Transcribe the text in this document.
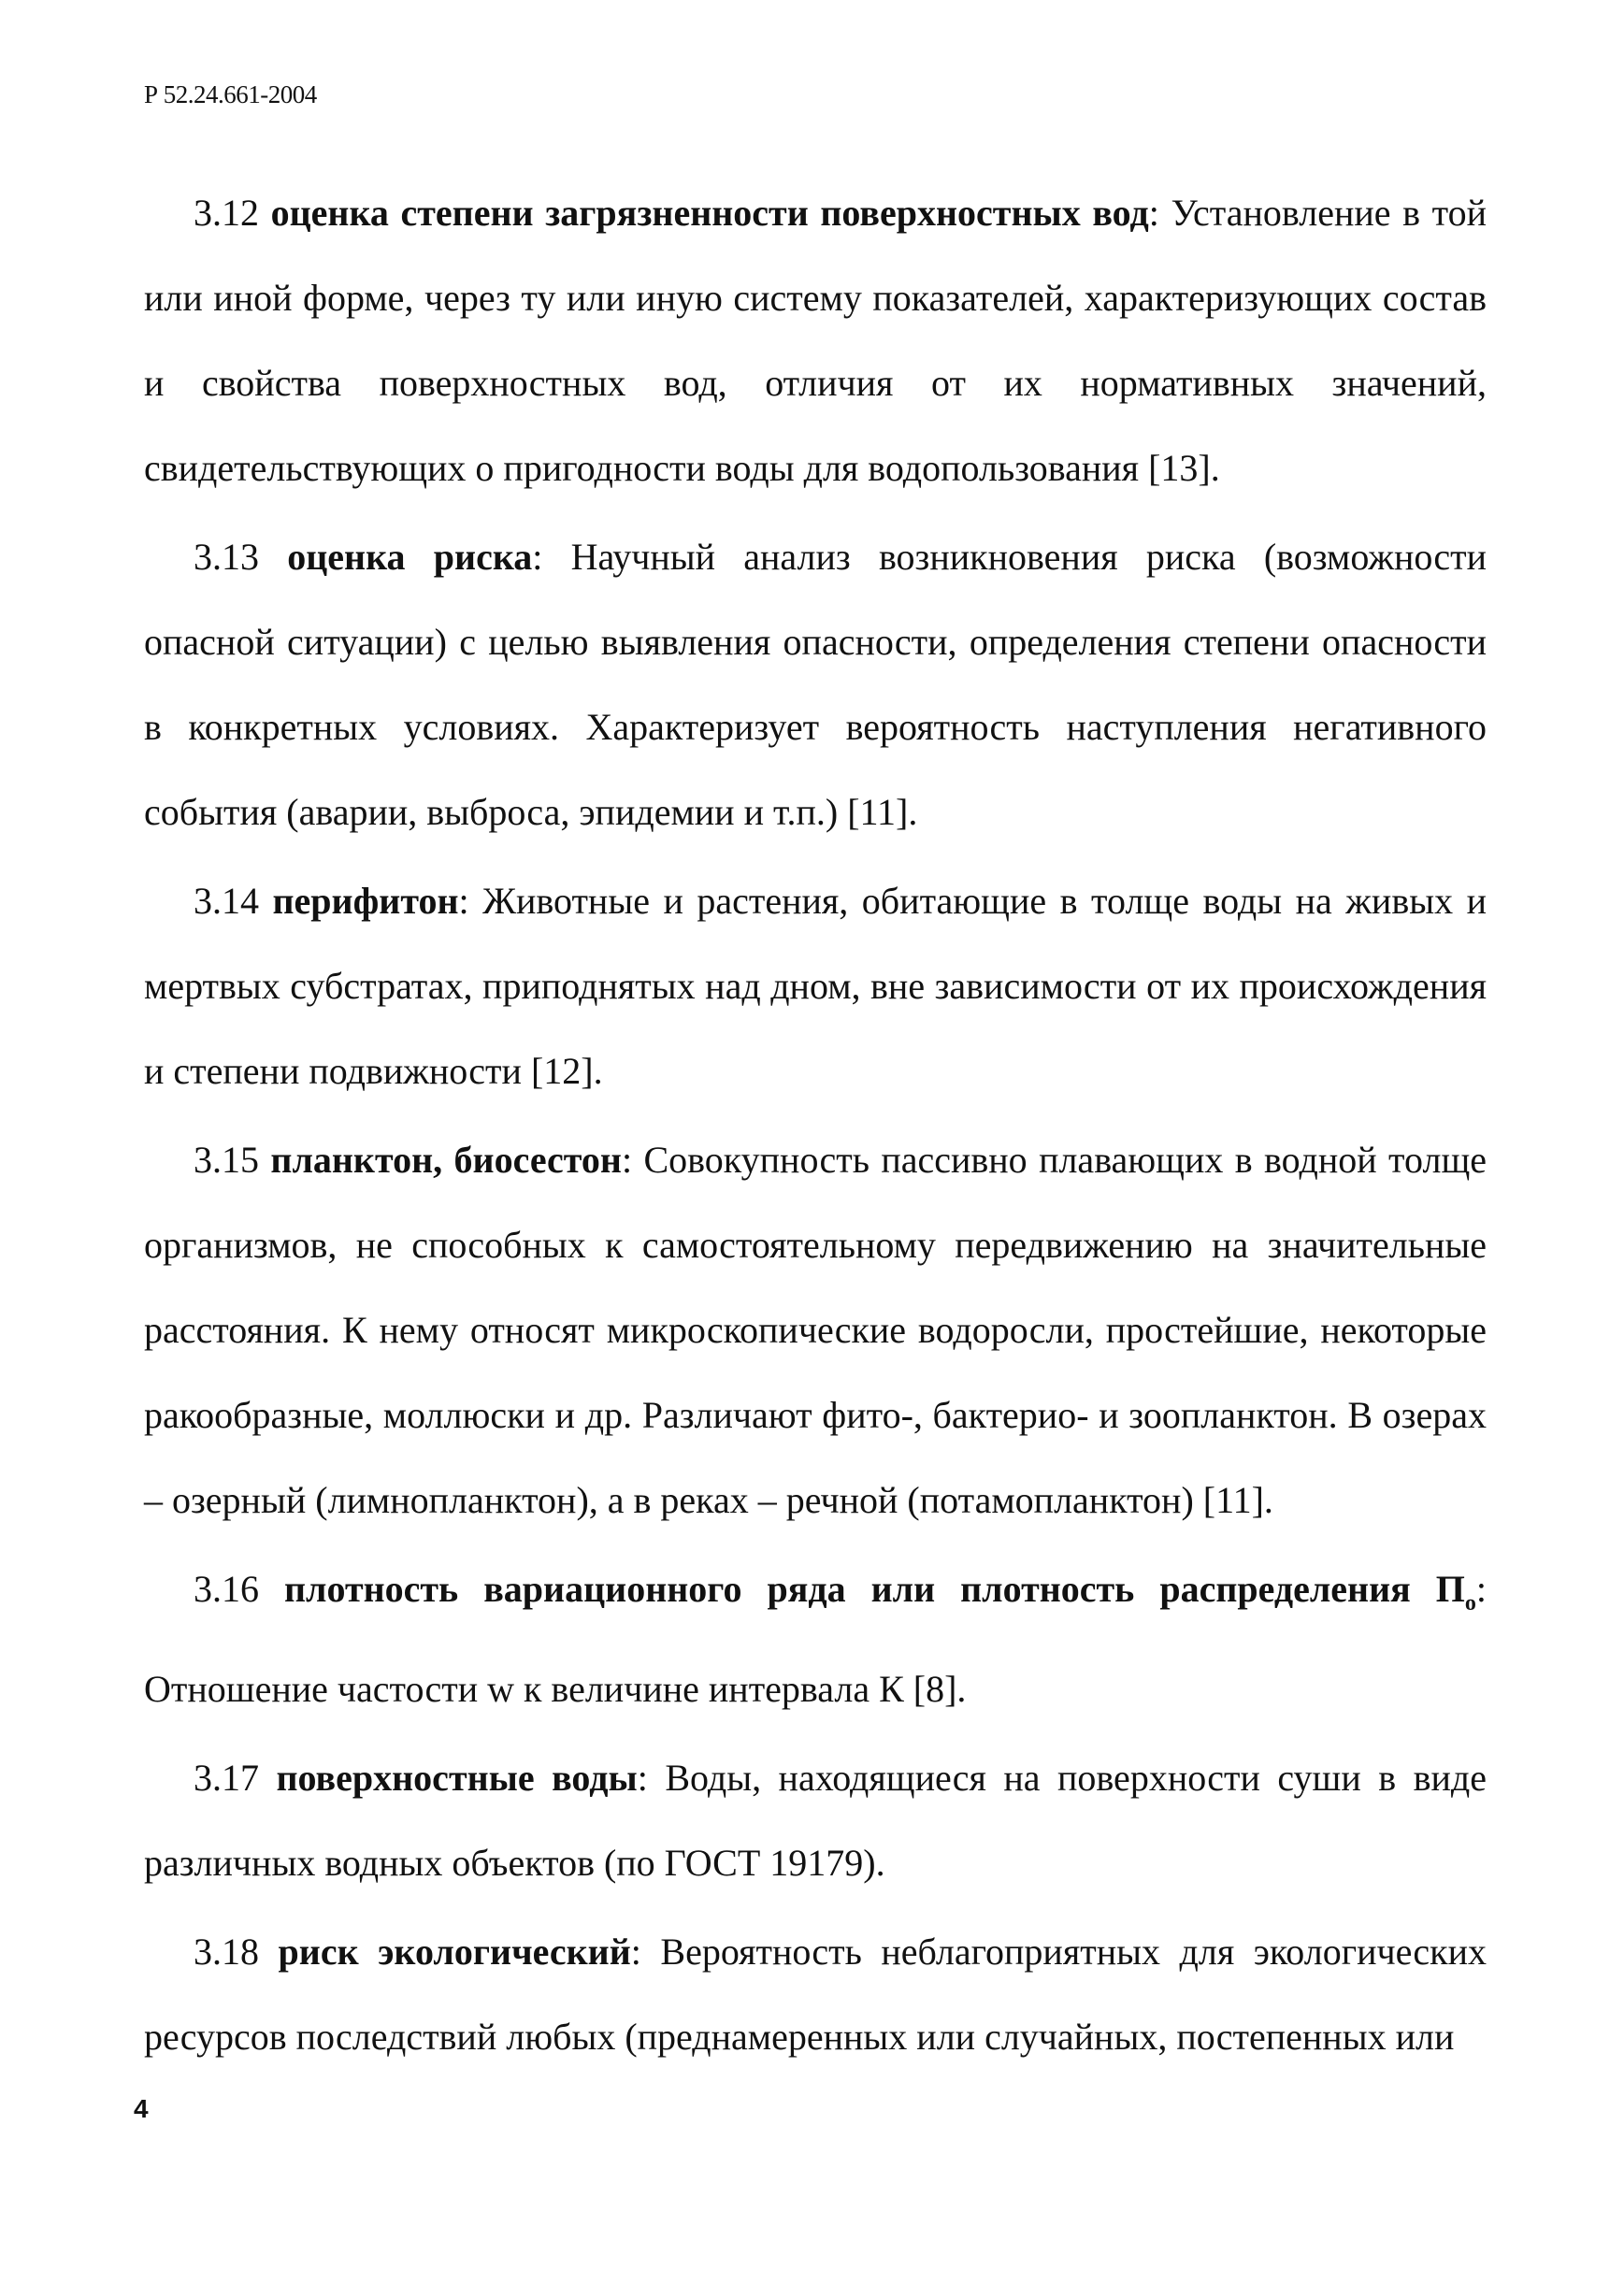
Р 52.24.661-2004

3.12 оценка степени загрязненности поверхностных вод: Установление в той или иной форме, через ту или иную систему показателей, характеризующих состав и свойства поверхностных вод, отличия от их нормативных значений, свидетельствующих о пригодности воды для водопользования [13].

3.13 оценка риска: Научный анализ возникновения риска (возможности опасной ситуации) с целью выявления опасности, определения степени опасности в конкретных условиях. Характеризует вероятность наступления негативного события (аварии, выброса, эпидемии и т.п.) [11].

3.14 перифитон: Животные и растения, обитающие в толще воды на живых и мертвых субстратах, приподнятых над дном, вне зависимости от их происхождения и степени подвижности [12].

3.15 планктон, биосестон: Совокупность пассивно плавающих в водной толще организмов, не способных к самостоятельному передвижению на значительные расстояния. К нему относят микроскопические водоросли, простейшие, некоторые ракообразные, моллюски и др. Различают фито-, бактерио- и зоопланктон. В озерах – озерный (лимнопланктон), а в реках – речной (потамопланктон) [11].

3.16 плотность вариационного ряда или плотность распределения $П_о$: Отношение частости w к величине интервала К [8].

3.17 поверхностные воды: Воды, находящиеся на поверхности суши в виде различных водных объектов (по ГОСТ 19179).

3.18 риск экологический: Вероятность неблагоприятных для экологических ресурсов последствий любых (преднамеренных или случайных, постепенных или

4
